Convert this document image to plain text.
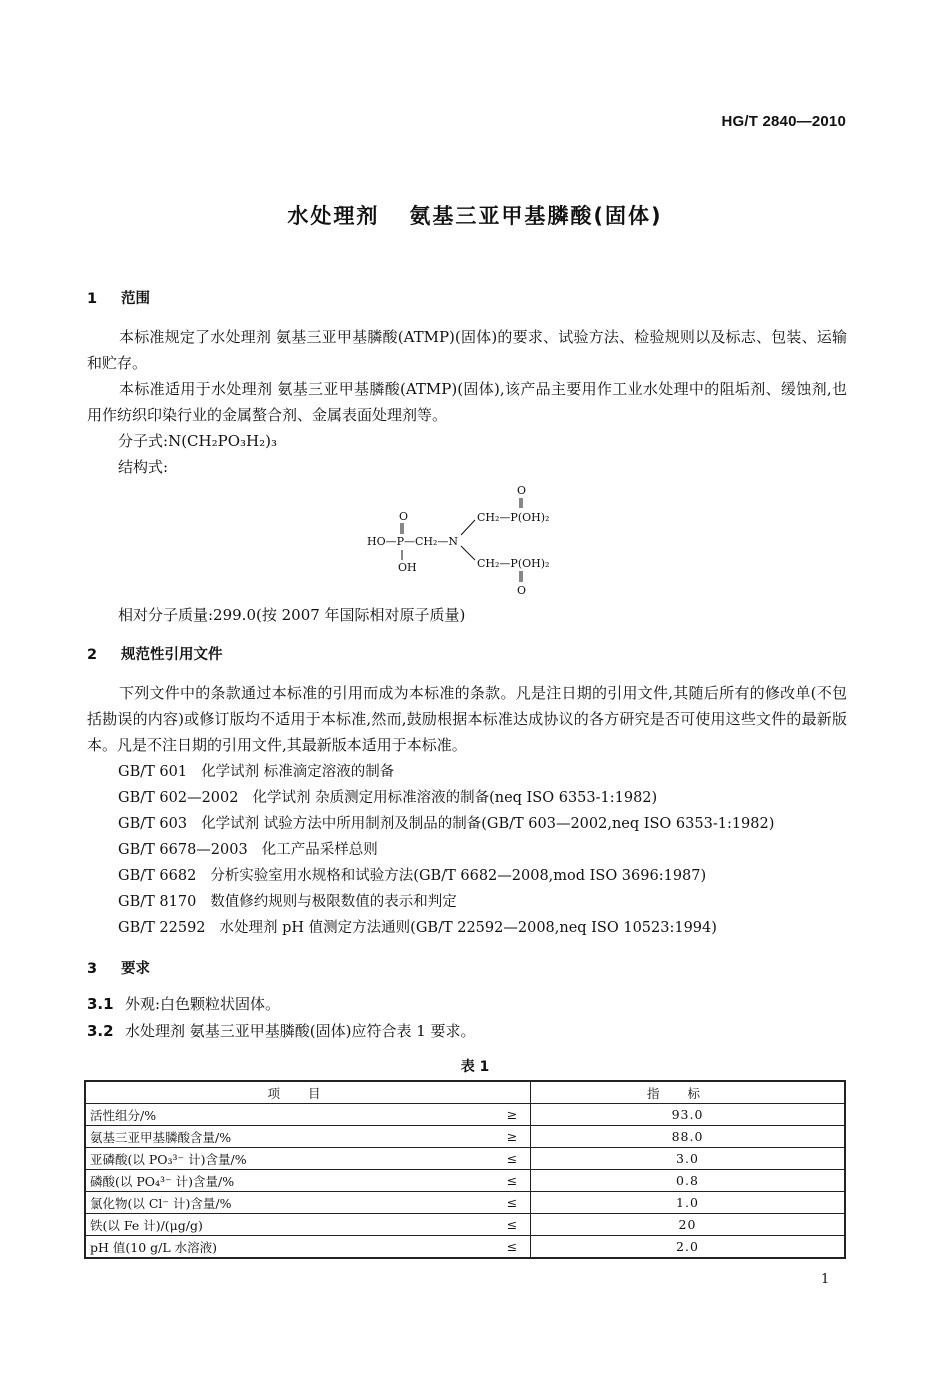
HG/T 2840—2010
水处理剂 氨基三亚甲基膦酸(固体)
1 范围
本标准规定了水处理剂 氨基三亚甲基膦酸(ATMP)(固体)的要求、试验方法、检验规则以及标志、包装、运输和贮存。
本标准适用于水处理剂 氨基三亚甲基膦酸(ATMP)(固体),该产品主要用作工业水处理中的阻垢剂、缓蚀剂,也用作纺织印染行业的金属螯合剂、金属表面处理剂等。
分子式:N(CH₂PO₃H₂)₃
结构式:
O
CH₂—P(OH)₂
O
HO—P—CH₂—N
OH	CH₂—P(OH)₂
O
相对分子质量:299.0(按 2007 年国际相对原子质量)
2 规范性引用文件
下列文件中的条款通过本标准的引用而成为本标准的条款。凡是注日期的引用文件,其随后所有的修改单(不包括勘误的内容)或修订版均不适用于本标准,然而,鼓励根据本标准达成协议的各方研究是否可使用这些文件的最新版本。凡是不注日期的引用文件,其最新版本适用于本标准。
GB/T 601 化学试剂 标准滴定溶液的制备
GB/T 602—2002 化学试剂 杂质测定用标准溶液的制备(neq ISO 6353-1:1982)
GB/T 603 化学试剂 试验方法中所用制剂及制品的制备(GB/T 603—2002,neq ISO 6353-1:1982)
GB/T 6678—2003 化工产品采样总则
GB/T 6682 分析实验室用水规格和试验方法(GB/T 6682—2008,mod ISO 3696:1987)
GB/T 8170 数值修约规则与极限数值的表示和判定
GB/T 22592 水处理剂 pH 值测定方法通则(GB/T 22592—2008,neq ISO 10523:1994)
3 要求
3.1 外观:白色颗粒状固体。
3.2 水处理剂 氨基三亚甲基膦酸(固体)应符合表 1 要求。
表 1
项目		指标
活性组分/%	≥	93.0
氨基三亚甲基膦酸含量/%	≥	88.0
亚磷酸(以 PO₃³⁻ 计)含量/%	≤	3.0
磷酸(以 PO₄³⁻ 计)含量/%	≤	0.8
氯化物(以 Cl⁻ 计)含量/%	≤	1.0
铁(以 Fe 计)/(μg/g)	≤	20
pH 值(10 g/L 水溶液)	≤	2.0
1
